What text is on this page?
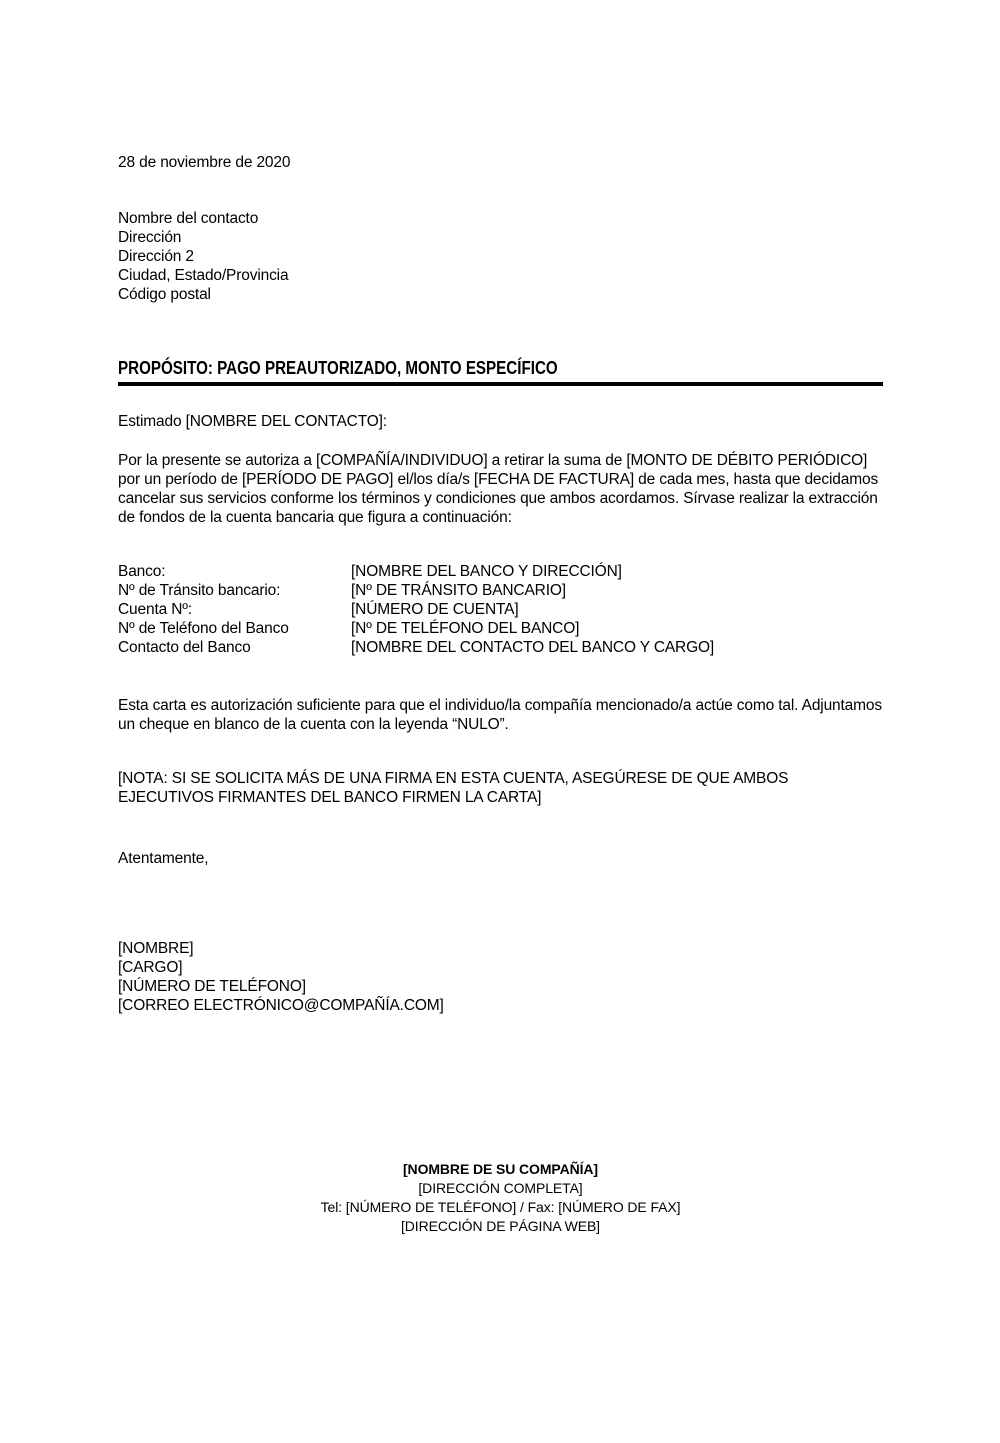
28 de noviembre de 2020
Nombre del contacto
Dirección
Dirección 2
Ciudad, Estado/Provincia
Código postal
PROPÓSITO: PAGO PREAUTORIZADO, MONTO ESPECÍFICO
Estimado [NOMBRE DEL CONTACTO]:
Por la presente se autoriza a [COMPAÑÍA/INDIVIDUO] a retirar la suma de [MONTO DE DÉBITO PERIÓDICO] por un período de [PERÍODO DE PAGO] el/los día/s [FECHA DE FACTURA] de cada mes, hasta que decidamos cancelar sus servicios conforme los términos y condiciones que ambos acordamos. Sírvase realizar la extracción de fondos de la cuenta bancaria que figura a continuación:
Banco:	[NOMBRE DEL BANCO Y DIRECCIÓN]
Nº de Tránsito bancario:	[Nº DE TRÁNSITO BANCARIO]
Cuenta Nº:	[NÚMERO DE CUENTA]
Nº de Teléfono del Banco	[Nº DE TELÉFONO DEL BANCO]
Contacto del Banco	[NOMBRE DEL CONTACTO DEL BANCO Y CARGO]
Esta carta es autorización suficiente para que el individuo/la compañía mencionado/a actúe como tal. Adjuntamos un cheque en blanco de la cuenta con la leyenda “NULO”.
[NOTA: SI SE SOLICITA MÁS DE UNA FIRMA EN ESTA CUENTA, ASEGÚRESE DE QUE AMBOS EJECUTIVOS FIRMANTES DEL BANCO FIRMEN LA CARTA]
Atentamente,
[NOMBRE]
[CARGO]
[NÚMERO DE TELÉFONO]
[CORREO ELECTRÓNICO@COMPAÑÍA.COM]
[NOMBRE DE SU COMPAÑÍA]
[DIRECCIÓN COMPLETA]
Tel: [NÚMERO DE TELÉFONO] / Fax: [NÚMERO DE FAX]
[DIRECCIÓN DE PÁGINA WEB]
